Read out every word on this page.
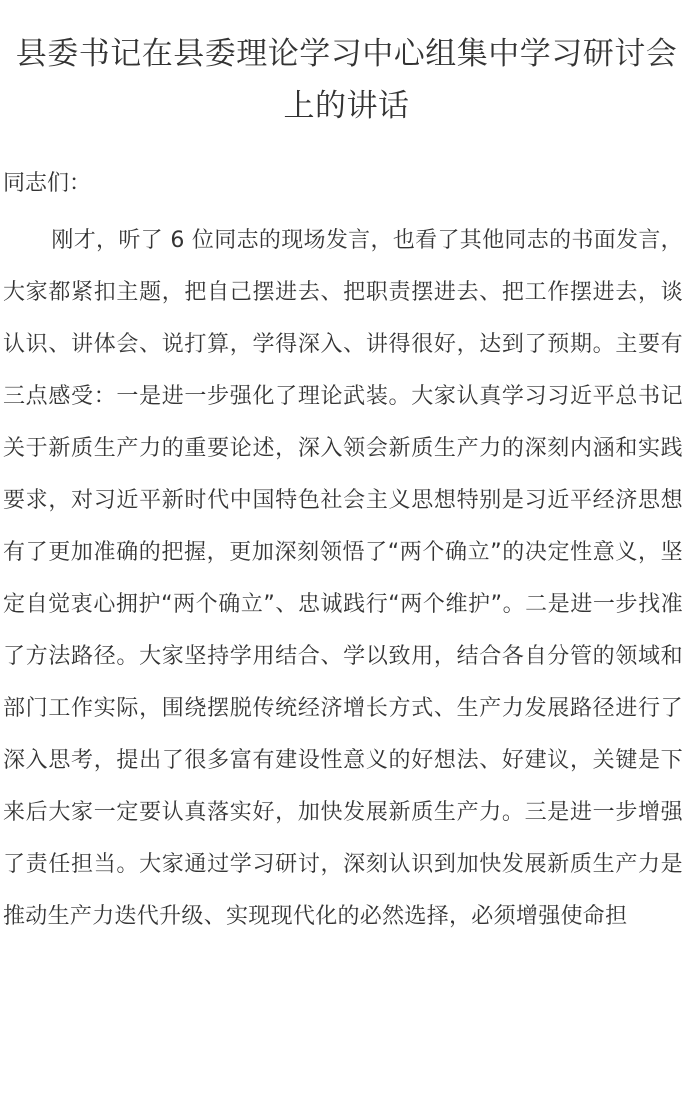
县委书记在县委理论学习中心组集中学习研讨会上的讲话

同志们：

刚才，听了 6 位同志的现场发言，也看了其他同志的书面发言，大家都紧扣主题，把自己摆进去、把职责摆进去、把工作摆进去，谈认识、讲体会、说打算，学得深入、讲得很好，达到了预期。主要有三点感受：一是进一步强化了理论武装。大家认真学习习近平总书记关于新质生产力的重要论述，深入领会新质生产力的深刻内涵和实践要求，对习近平新时代中国特色社会主义思想特别是习近平经济思想有了更加准确的把握，更加深刻领悟了“两个确立”的决定性意义，坚定自觉衷心拥护“两个确立”、忠诚践行“两个维护”。二是进一步找准了方法路径。大家坚持学用结合、学以致用，结合各自分管的领域和部门工作实际，围绕摆脱传统经济增长方式、生产力发展路径进行了深入思考，提出了很多富有建设性意义的好想法、好建议，关键是下来后大家一定要认真落实好，加快发展新质生产力。三是进一步增强了责任担当。大家通过学习研讨，深刻认识到加快发展新质生产力是推动生产力迭代升级、实现现代化的必然选择，必须增强使命担
